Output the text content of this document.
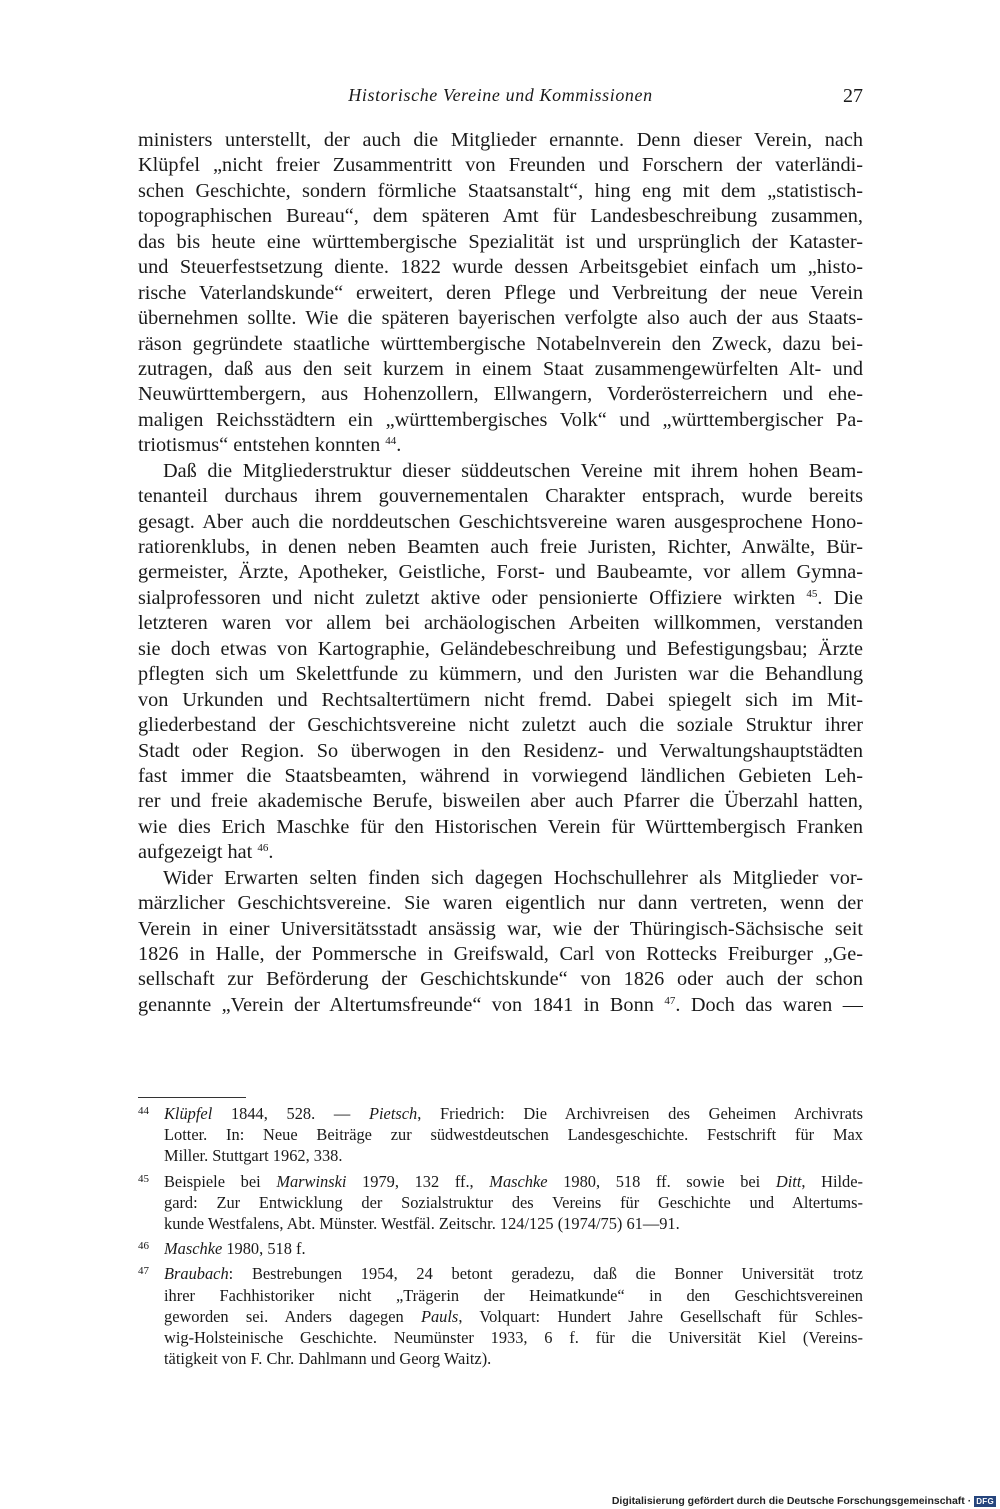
Historische Vereine und Kommissionen	27
ministers unterstellt, der auch die Mitglieder ernannte. Denn dieser Verein, nach
Klüpfel „nicht freier Zusammentritt von Freunden und Forschern der vaterländi-
schen Geschichte, sondern förmliche Staatsanstalt“, hing eng mit dem „statistisch-
topographischen Bureau“, dem späteren Amt für Landesbeschreibung zusammen,
das bis heute eine württembergische Spezialität ist und ursprünglich der Kataster-
und Steuerfestsetzung diente. 1822 wurde dessen Arbeitsgebiet einfach um „histo-
rische Vaterlandskunde“ erweitert, deren Pflege und Verbreitung der neue Verein
übernehmen sollte. Wie die späteren bayerischen verfolgte also auch der aus Staats-
räson gegründete staatliche württembergische Notabelnverein den Zweck, dazu bei-
zutragen, daß aus den seit kurzem in einem Staat zusammengewürfelten Alt- und
Neuwürttembergern, aus Hohenzollern, Ellwangern, Vorderösterreichern und ehe-
maligen Reichsstädtern ein „württembergisches Volk“ und „württembergischer Pa-
triotismus“ entstehen konnten $^{44}$.
Daß die Mitgliederstruktur dieser süddeutschen Vereine mit ihrem hohen Beam-
tenanteil durchaus ihrem gouvernementalen Charakter entsprach, wurde bereits
gesagt. Aber auch die norddeutschen Geschichtsvereine waren ausgesprochene Hono-
ratiorenklubs, in denen neben Beamten auch freie Juristen, Richter, Anwälte, Bür-
germeister, Ärzte, Apotheker, Geistliche, Forst- und Baubeamte, vor allem Gymna-
sialprofessoren und nicht zuletzt aktive oder pensionierte Offiziere wirkten $^{45}$. Die
letzteren waren vor allem bei archäologischen Arbeiten willkommen, verstanden
sie doch etwas von Kartographie, Geländebeschreibung und Befestigungsbau; Ärzte
pflegten sich um Skelettfunde zu kümmern, und den Juristen war die Behandlung
von Urkunden und Rechtsaltertümern nicht fremd. Dabei spiegelt sich im Mit-
gliederbestand der Geschichtsvereine nicht zuletzt auch die soziale Struktur ihrer
Stadt oder Region. So überwogen in den Residenz- und Verwaltungshauptstädten
fast immer die Staatsbeamten, während in vorwiegend ländlichen Gebieten Leh-
rer und freie akademische Berufe, bisweilen aber auch Pfarrer die Überzahl hatten,
wie dies Erich Maschke für den Historischen Verein für Württembergisch Franken
aufgezeigt hat $^{46}$.
Wider Erwarten selten finden sich dagegen Hochschullehrer als Mitglieder vor-
märzlicher Geschichtsvereine. Sie waren eigentlich nur dann vertreten, wenn der
Verein in einer Universitätsstadt ansässig war, wie der Thüringisch-Sächsische seit
1826 in Halle, der Pommersche in Greifswald, Carl von Rottecks Freiburger „Ge-
sellschaft zur Beförderung der Geschichtskunde“ von 1826 oder auch der schon
genannte „Verein der Altertumsfreunde“ von 1841 in Bonn $^{47}$. Doch das waren —
44 Klüpfel 1844, 528. — Pietsch, Friedrich: Die Archivreisen des Geheimen Archivrats
Lotter. In: Neue Beiträge zur südwestdeutschen Landesgeschichte. Festschrift für Max
Miller. Stuttgart 1962, 338.
45 Beispiele bei Marwinski 1979, 132 ff., Maschke 1980, 518 ff. sowie bei Ditt, Hilde-
gard: Zur Entwicklung der Sozialstruktur des Vereins für Geschichte und Altertums-
kunde Westfalens, Abt. Münster. Westfäl. Zeitschr. 124/125 (1974/75) 61—91.
46 Maschke 1980, 518 f.
47 Braubach: Bestrebungen 1954, 24 betont geradezu, daß die Bonner Universität trotz
ihrer Fachhistoriker nicht „Trägerin der Heimatkunde“ in den Geschichtsvereinen
geworden sei. Anders dagegen Pauls, Volquart: Hundert Jahre Gesellschaft für Schles-
wig-Holsteinische Geschichte. Neumünster 1933, 6 f. für die Universität Kiel (Vereins-
tätigkeit von F. Chr. Dahlmann und Georg Waitz).
Digitalisierung gefördert durch die Deutsche Forschungsgemeinschaft · DFG
